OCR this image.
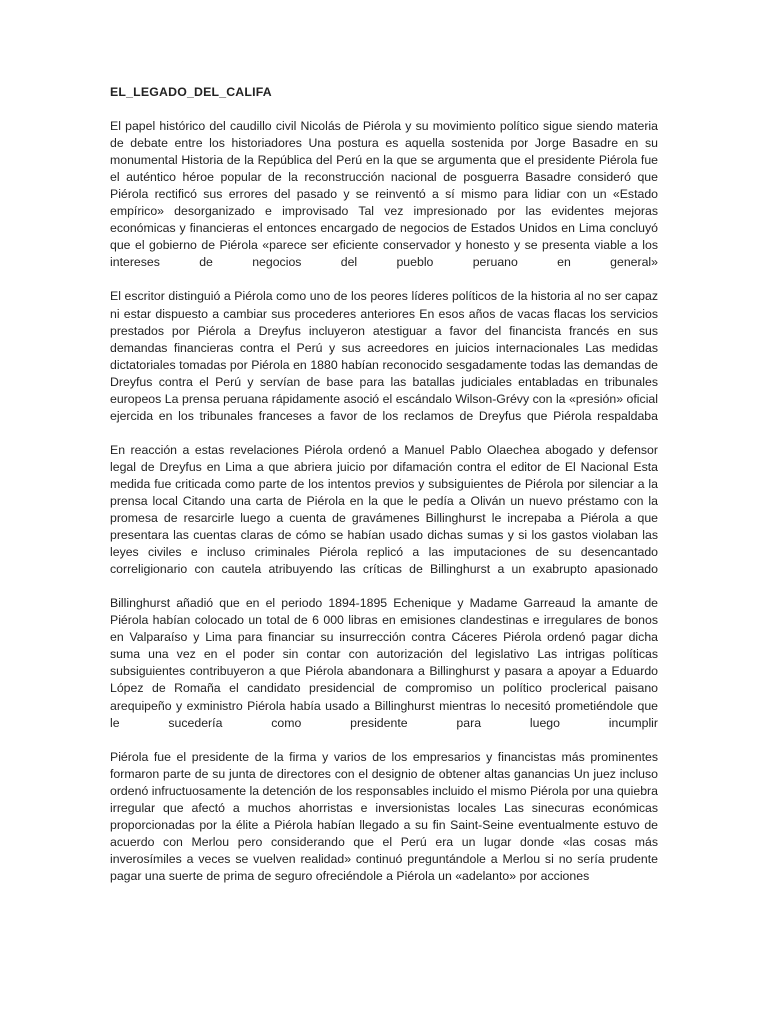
EL_LEGADO_DEL_CALIFA

El papel histórico del caudillo civil Nicolás de Piérola y su movimiento político sigue siendo materia de debate entre los historiadores Una postura es aquella sostenida por Jorge Basadre en su monumental Historia de la República del Perú en la que se argumenta que el presidente Piérola fue el auténtico héroe popular de la reconstrucción nacional de posguerra Basadre consideró que Piérola rectificó sus errores del pasado y se reinventó a sí mismo para lidiar con un «Estado empírico» desorganizado e improvisado Tal vez impresionado por las evidentes mejoras económicas y financieras el entonces encargado de negocios de Estados Unidos en Lima concluyó que el gobierno de Piérola «parece ser eficiente conservador y honesto y se presenta viable a los intereses de negocios del pueblo peruano en general»

El escritor distinguió a Piérola como uno de los peores líderes políticos de la historia al no ser capaz ni estar dispuesto a cambiar sus procederes anteriores En esos años de vacas flacas los servicios prestados por Piérola a Dreyfus incluyeron atestiguar a favor del financista francés en sus demandas financieras contra el Perú y sus acreedores en juicios internacionales Las medidas dictatoriales tomadas por Piérola en 1880 habían reconocido sesgadamente todas las demandas de Dreyfus contra el Perú y servían de base para las batallas judiciales entabladas en tribunales europeos La prensa peruana rápidamente asoció el escándalo Wilson-Grévy con la «presión» oficial ejercida en los tribunales franceses a favor de los reclamos de Dreyfus que Piérola respaldaba

En reacción a estas revelaciones Piérola ordenó a Manuel Pablo Olaechea abogado y defensor legal de Dreyfus en Lima a que abriera juicio por difamación contra el editor de El Nacional Esta medida fue criticada como parte de los intentos previos y subsiguientes de Piérola por silenciar a la prensa local Citando una carta de Piérola en la que le pedía a Oliván un nuevo préstamo con la promesa de resarcirle luego a cuenta de gravámenes Billinghurst le increpaba a Piérola a que presentara las cuentas claras de cómo se habían usado dichas sumas y si los gastos violaban las leyes civiles e incluso criminales Piérola replicó a las imputaciones de su desencantado correligionario con cautela atribuyendo las críticas de Billinghurst a un exabrupto apasionado

Billinghurst añadió que en el periodo 1894-1895 Echenique y Madame Garreaud la amante de Piérola habían colocado un total de 6 000 libras en emisiones clandestinas e irregulares de bonos en Valparaíso y Lima para financiar su insurrección contra Cáceres Piérola ordenó pagar dicha suma una vez en el poder sin contar con autorización del legislativo Las intrigas políticas subsiguientes contribuyeron a que Piérola abandonara a Billinghurst y pasara a apoyar a Eduardo López de Romaña el candidato presidencial de compromiso un político proclerical paisano arequipeño y exministro Piérola había usado a Billinghurst mientras lo necesitó prometiéndole que le sucedería como presidente para luego incumplir

Piérola fue el presidente de la firma y varios de los empresarios y financistas más prominentes formaron parte de su junta de directores con el designio de obtener altas ganancias Un juez incluso ordenó infructuosamente la detención de los responsables incluido el mismo Piérola por una quiebra irregular que afectó a muchos ahorristas e inversionistas locales Las sinecuras económicas proporcionadas por la élite a Piérola habían llegado a su fin Saint-Seine eventualmente estuvo de acuerdo con Merlou pero considerando que el Perú era un lugar donde «las cosas más inverosímiles a veces se vuelven realidad» continuó preguntándole a Merlou si no sería prudente pagar una suerte de prima de seguro ofreciéndole a Piérola un «adelanto» por acciones
